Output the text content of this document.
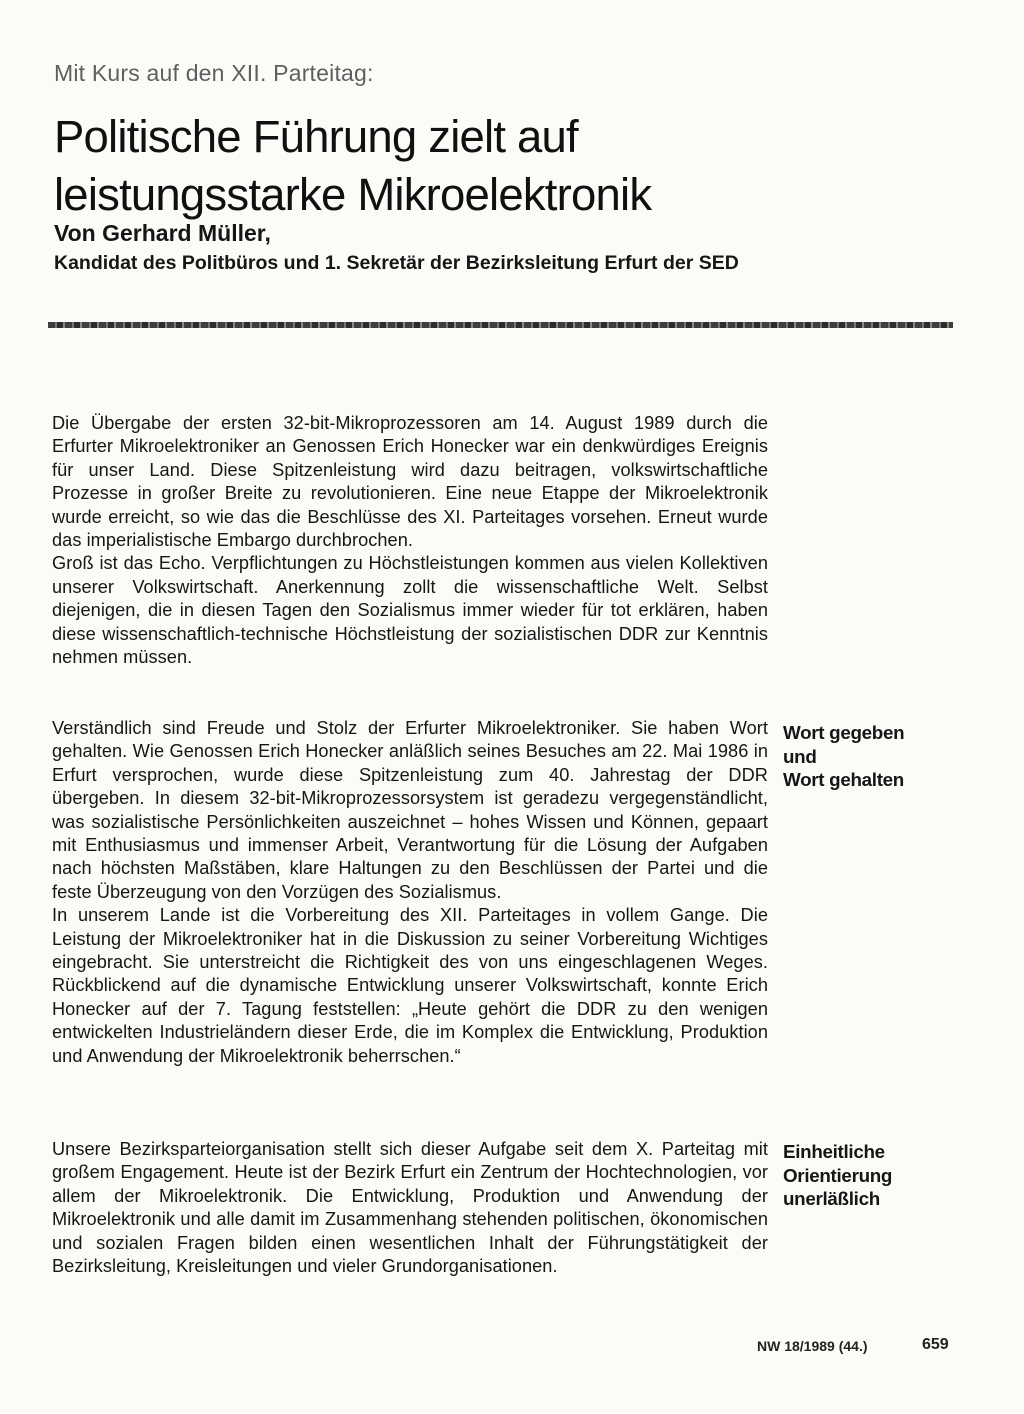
Mit Kurs auf den XII. Parteitag:
Politische Führung zielt auf
leistungsstarke Mikroelektronik
Von Gerhard Müller,
Kandidat des Politbüros und 1. Sekretär der Bezirksleitung Erfurt der SED

Die Übergabe der ersten 32-bit-Mikroprozessoren am 14. August 1989 durch die Erfurter Mikroelektroniker an Genossen Erich Honecker war ein denkwürdiges Ereignis für unser Land. Diese Spitzenleistung wird dazu beitragen, volkswirtschaftliche Prozesse in großer Breite zu revolutionieren. Eine neue Etappe der Mikroelektronik wurde erreicht, so wie das die Beschlüsse des XI. Parteitages vorsehen. Erneut wurde das imperialistische Embargo durchbrochen.

Groß ist das Echo. Verpflichtungen zu Höchstleistungen kommen aus vielen Kollektiven unserer Volkswirtschaft. Anerkennung zollt die wissenschaftliche Welt. Selbst diejenigen, die in diesen Tagen den Sozialismus immer wieder für tot erklären, haben diese wissenschaftlich-technische Höchstleistung der sozialistischen DDR zur Kenntnis nehmen müssen.

Wort gegeben
und
Wort gehalten

Verständlich sind Freude und Stolz der Erfurter Mikroelektroniker. Sie haben Wort gehalten. Wie Genossen Erich Honecker anläßlich seines Besuches am 22. Mai 1986 in Erfurt versprochen, wurde diese Spitzenleistung zum 40. Jahrestag der DDR übergeben. In diesem 32-bit-Mikroprozessorsystem ist geradezu vergegenständlicht, was sozialistische Persönlichkeiten auszeichnet – hohes Wissen und Können, gepaart mit Enthusiasmus und immenser Arbeit, Verantwortung für die Lösung der Aufgaben nach höchsten Maßstäben, klare Haltungen zu den Beschlüssen der Partei und die feste Überzeugung von den Vorzügen des Sozialismus.

In unserem Lande ist die Vorbereitung des XII. Parteitages in vollem Gange. Die Leistung der Mikroelektroniker hat in die Diskussion zu seiner Vorbereitung Wichtiges eingebracht. Sie unterstreicht die Richtigkeit des von uns eingeschlagenen Weges. Rückblickend auf die dynamische Entwicklung unserer Volkswirtschaft, konnte Erich Honecker auf der 7. Tagung feststellen: „Heute gehört die DDR zu den wenigen entwickelten Industrieländern dieser Erde, die im Komplex die Entwicklung, Produktion und Anwendung der Mikroelektronik beherrschen.“

Einheitliche
Orientierung
unerläßlich

Unsere Bezirksparteiorganisation stellt sich dieser Aufgabe seit dem X. Parteitag mit großem Engagement. Heute ist der Bezirk Erfurt ein Zentrum der Hochtechnologien, vor allem der Mikroelektronik. Die Entwicklung, Produktion und Anwendung der Mikroelektronik und alle damit im Zusammenhang stehenden politischen, ökonomischen und sozialen Fragen bilden einen wesentlichen Inhalt der Führungstätigkeit der Bezirksleitung, Kreisleitungen und vieler Grundorganisationen.

NW 18/1989 (44.)	659
